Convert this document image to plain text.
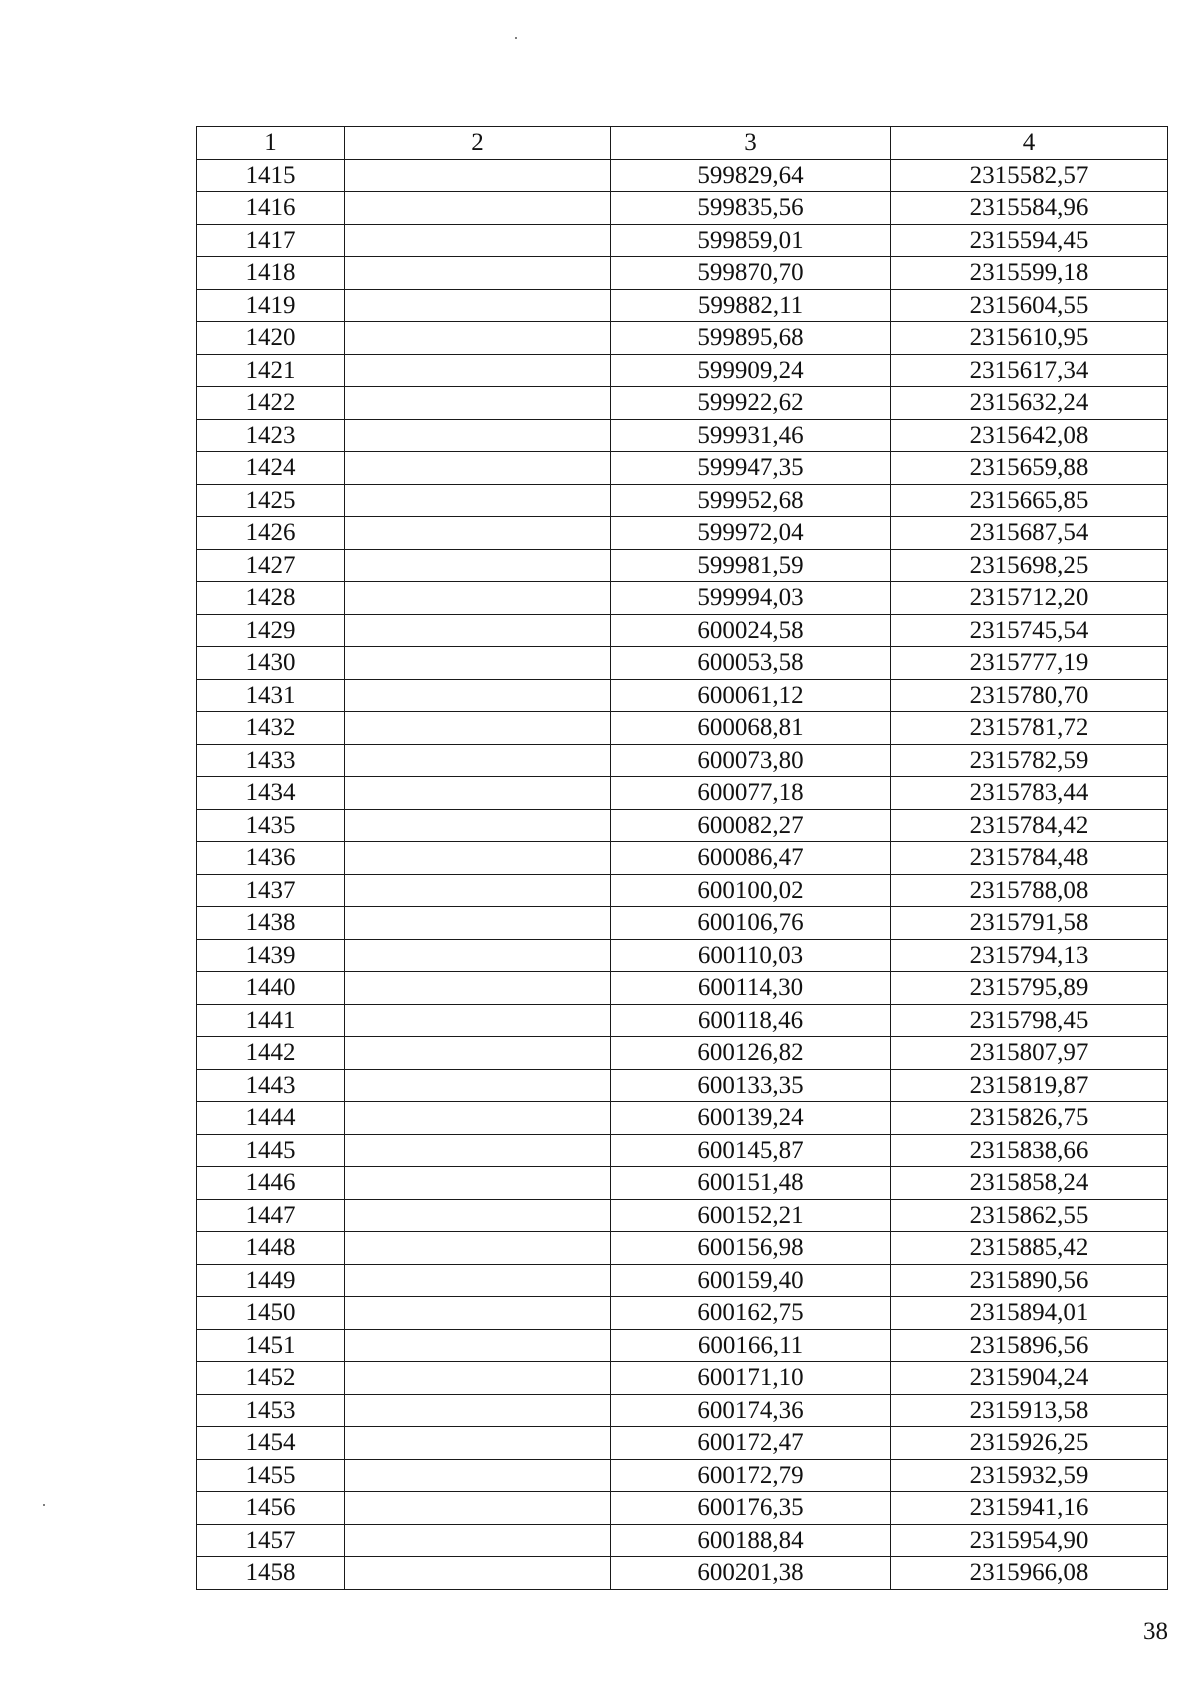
1	2	3	4
1415		599829,64	2315582,57
1416		599835,56	2315584,96
1417		599859,01	2315594,45
1418		599870,70	2315599,18
1419		599882,11	2315604,55
1420		599895,68	2315610,95
1421		599909,24	2315617,34
1422		599922,62	2315632,24
1423		599931,46	2315642,08
1424		599947,35	2315659,88
1425		599952,68	2315665,85
1426		599972,04	2315687,54
1427		599981,59	2315698,25
1428		599994,03	2315712,20
1429		600024,58	2315745,54
1430		600053,58	2315777,19
1431		600061,12	2315780,70
1432		600068,81	2315781,72
1433		600073,80	2315782,59
1434		600077,18	2315783,44
1435		600082,27	2315784,42
1436		600086,47	2315784,48
1437		600100,02	2315788,08
1438		600106,76	2315791,58
1439		600110,03	2315794,13
1440		600114,30	2315795,89
1441		600118,46	2315798,45
1442		600126,82	2315807,97
1443		600133,35	2315819,87
1444		600139,24	2315826,75
1445		600145,87	2315838,66
1446		600151,48	2315858,24
1447		600152,21	2315862,55
1448		600156,98	2315885,42
1449		600159,40	2315890,56
1450		600162,75	2315894,01
1451		600166,11	2315896,56
1452		600171,10	2315904,24
1453		600174,36	2315913,58
1454		600172,47	2315926,25
1455		600172,79	2315932,59
1456		600176,35	2315941,16
1457		600188,84	2315954,90
1458		600201,38	2315966,08
38
